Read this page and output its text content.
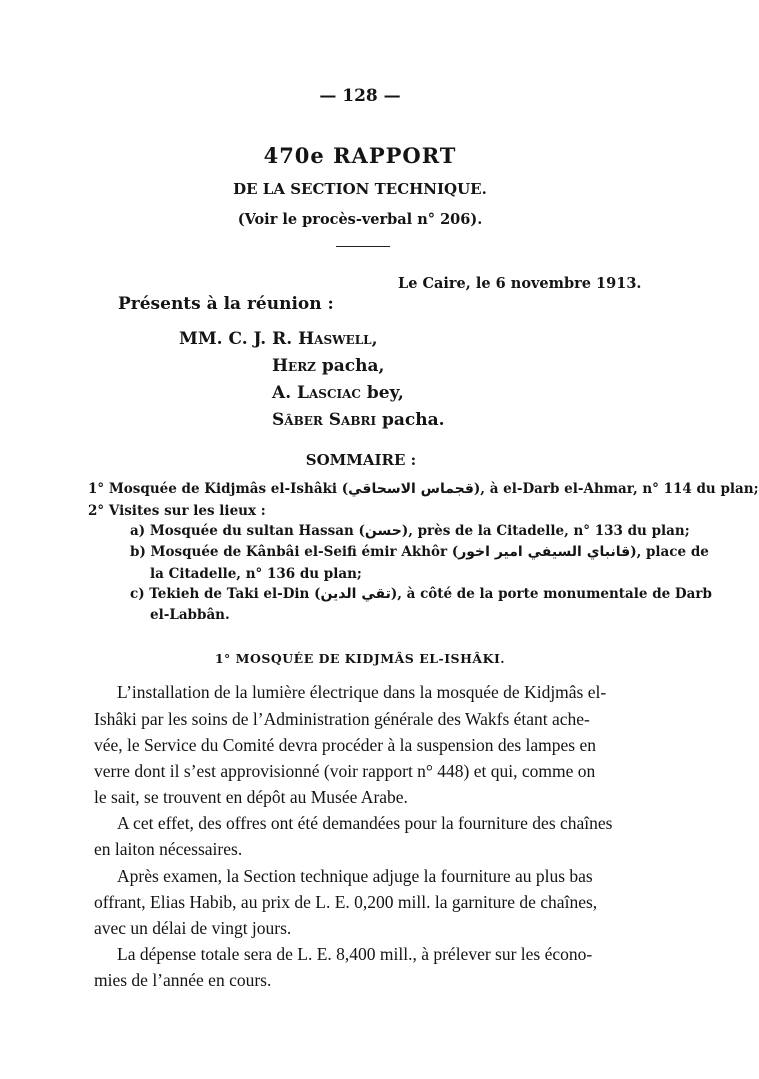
— 128 —
470e RAPPORT
DE LA SECTION TECHNIQUE.
(Voir le procès-verbal n° 206).
Le Caire, le 6 novembre 1913.
Présents à la réunion :
MM. C. J. R. Haswell,
Herz pacha,
A. Lasciac bey,
Sâber Sabri pacha.
SOMMAIRE :
1° Mosquée de Kidjmâs el-Ishâki (قجماس الاسحاقي), à el-Darb el-Ahmar, n° 114 du plan;
2° Visites sur les lieux :
a) Mosquée du sultan Hassan (حسن), près de la Citadelle, n° 133 du plan;
b) Mosquée de Kânbâi el-Seifi émir Akhôr (قانباي السيفي امير اخور), place de
la Citadelle, n° 136 du plan;
c) Tekieh de Taki el-Din (تقي الدين), à côté de la porte monumentale de Darb
el-Labbân.
1° MOSQUÉE DE KIDJMÂS EL-ISHÂKI.
L’installation de la lumière électrique dans la mosquée de Kidjmâs el-
Ishâki par les soins de l’Administration générale des Wakfs étant ache-
vée, le Service du Comité devra procéder à la suspension des lampes en
verre dont il s’est approvisionné (voir rapport n° 448) et qui, comme on
le sait, se trouvent en dépôt au Musée Arabe.
A cet effet, des offres ont été demandées pour la fourniture des chaînes
en laiton nécessaires.
Après examen, la Section technique adjuge la fourniture au plus bas
offrant, Elias Habib, au prix de L. E. 0,200 mill. la garniture de chaînes,
avec un délai de vingt jours.
La dépense totale sera de L. E. 8,400 mill., à prélever sur les écono-
mies de l’année en cours.
